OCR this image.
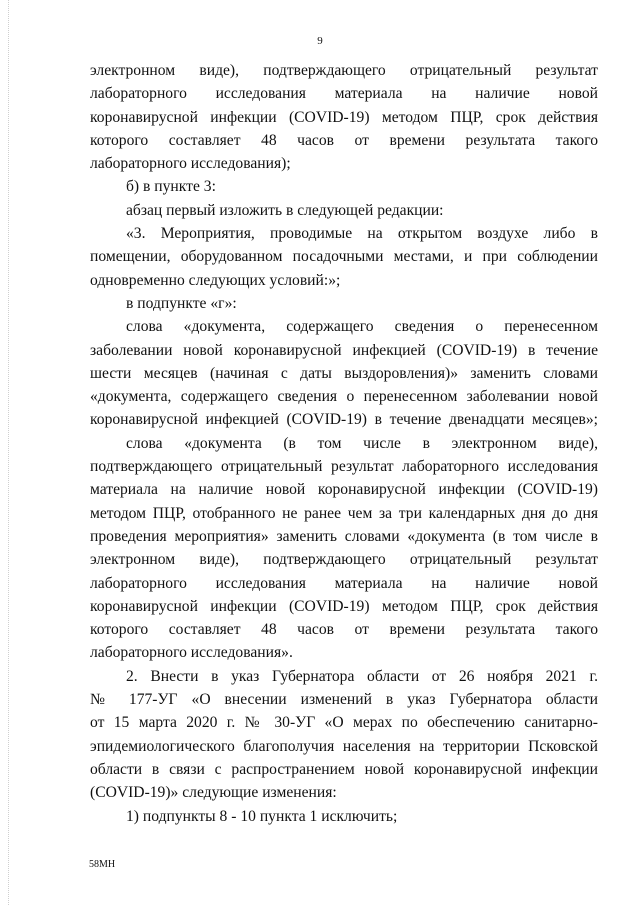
9
электронном виде), подтверждающего отрицательный результат
лабораторного исследования материала на наличие новой
коронавирусной инфекции (COVID-19) методом ПЦР, срок действия
которого составляет 48 часов от времени результата такого
лабораторного исследования);
б) в пункте 3:
абзац первый изложить в следующей редакции:
«3. Мероприятия, проводимые на открытом воздухе либо в
помещении, оборудованном посадочными местами, и при соблюдении
одновременно следующих условий:»;
в подпункте «г»:
слова «документа, содержащего сведения о перенесенном
заболевании новой коронавирусной инфекцией (COVID-19) в течение
шести месяцев (начиная с даты выздоровления)» заменить словами
«документа, содержащего сведения о перенесенном заболевании новой
коронавирусной инфекцией (COVID-19) в течение двенадцати месяцев»;
слова «документа (в том числе в электронном виде),
подтверждающего отрицательный результат лабораторного исследования
материала на наличие новой коронавирусной инфекции (COVID-19)
методом ПЦР, отобранного не ранее чем за три календарных дня до дня
проведения мероприятия» заменить словами «документа (в том числе в
электронном виде), подтверждающего отрицательный результат
лабораторного исследования материала на наличие новой
коронавирусной инфекции (COVID-19) методом ПЦР, срок действия
которого составляет 48 часов от времени результата такого
лабораторного исследования».
2. Внести в указ Губернатора области от 26 ноября 2021 г.
№ 177-УГ «О внесении изменений в указ Губернатора области
от 15 марта 2020 г. № 30-УГ «О мерах по обеспечению санитарно-
эпидемиологического благополучия населения на территории Псковской
области в связи с распространением новой коронавирусной инфекции
(COVID-19)» следующие изменения:
1) подпункты 8 - 10 пункта 1 исключить;
58МН
